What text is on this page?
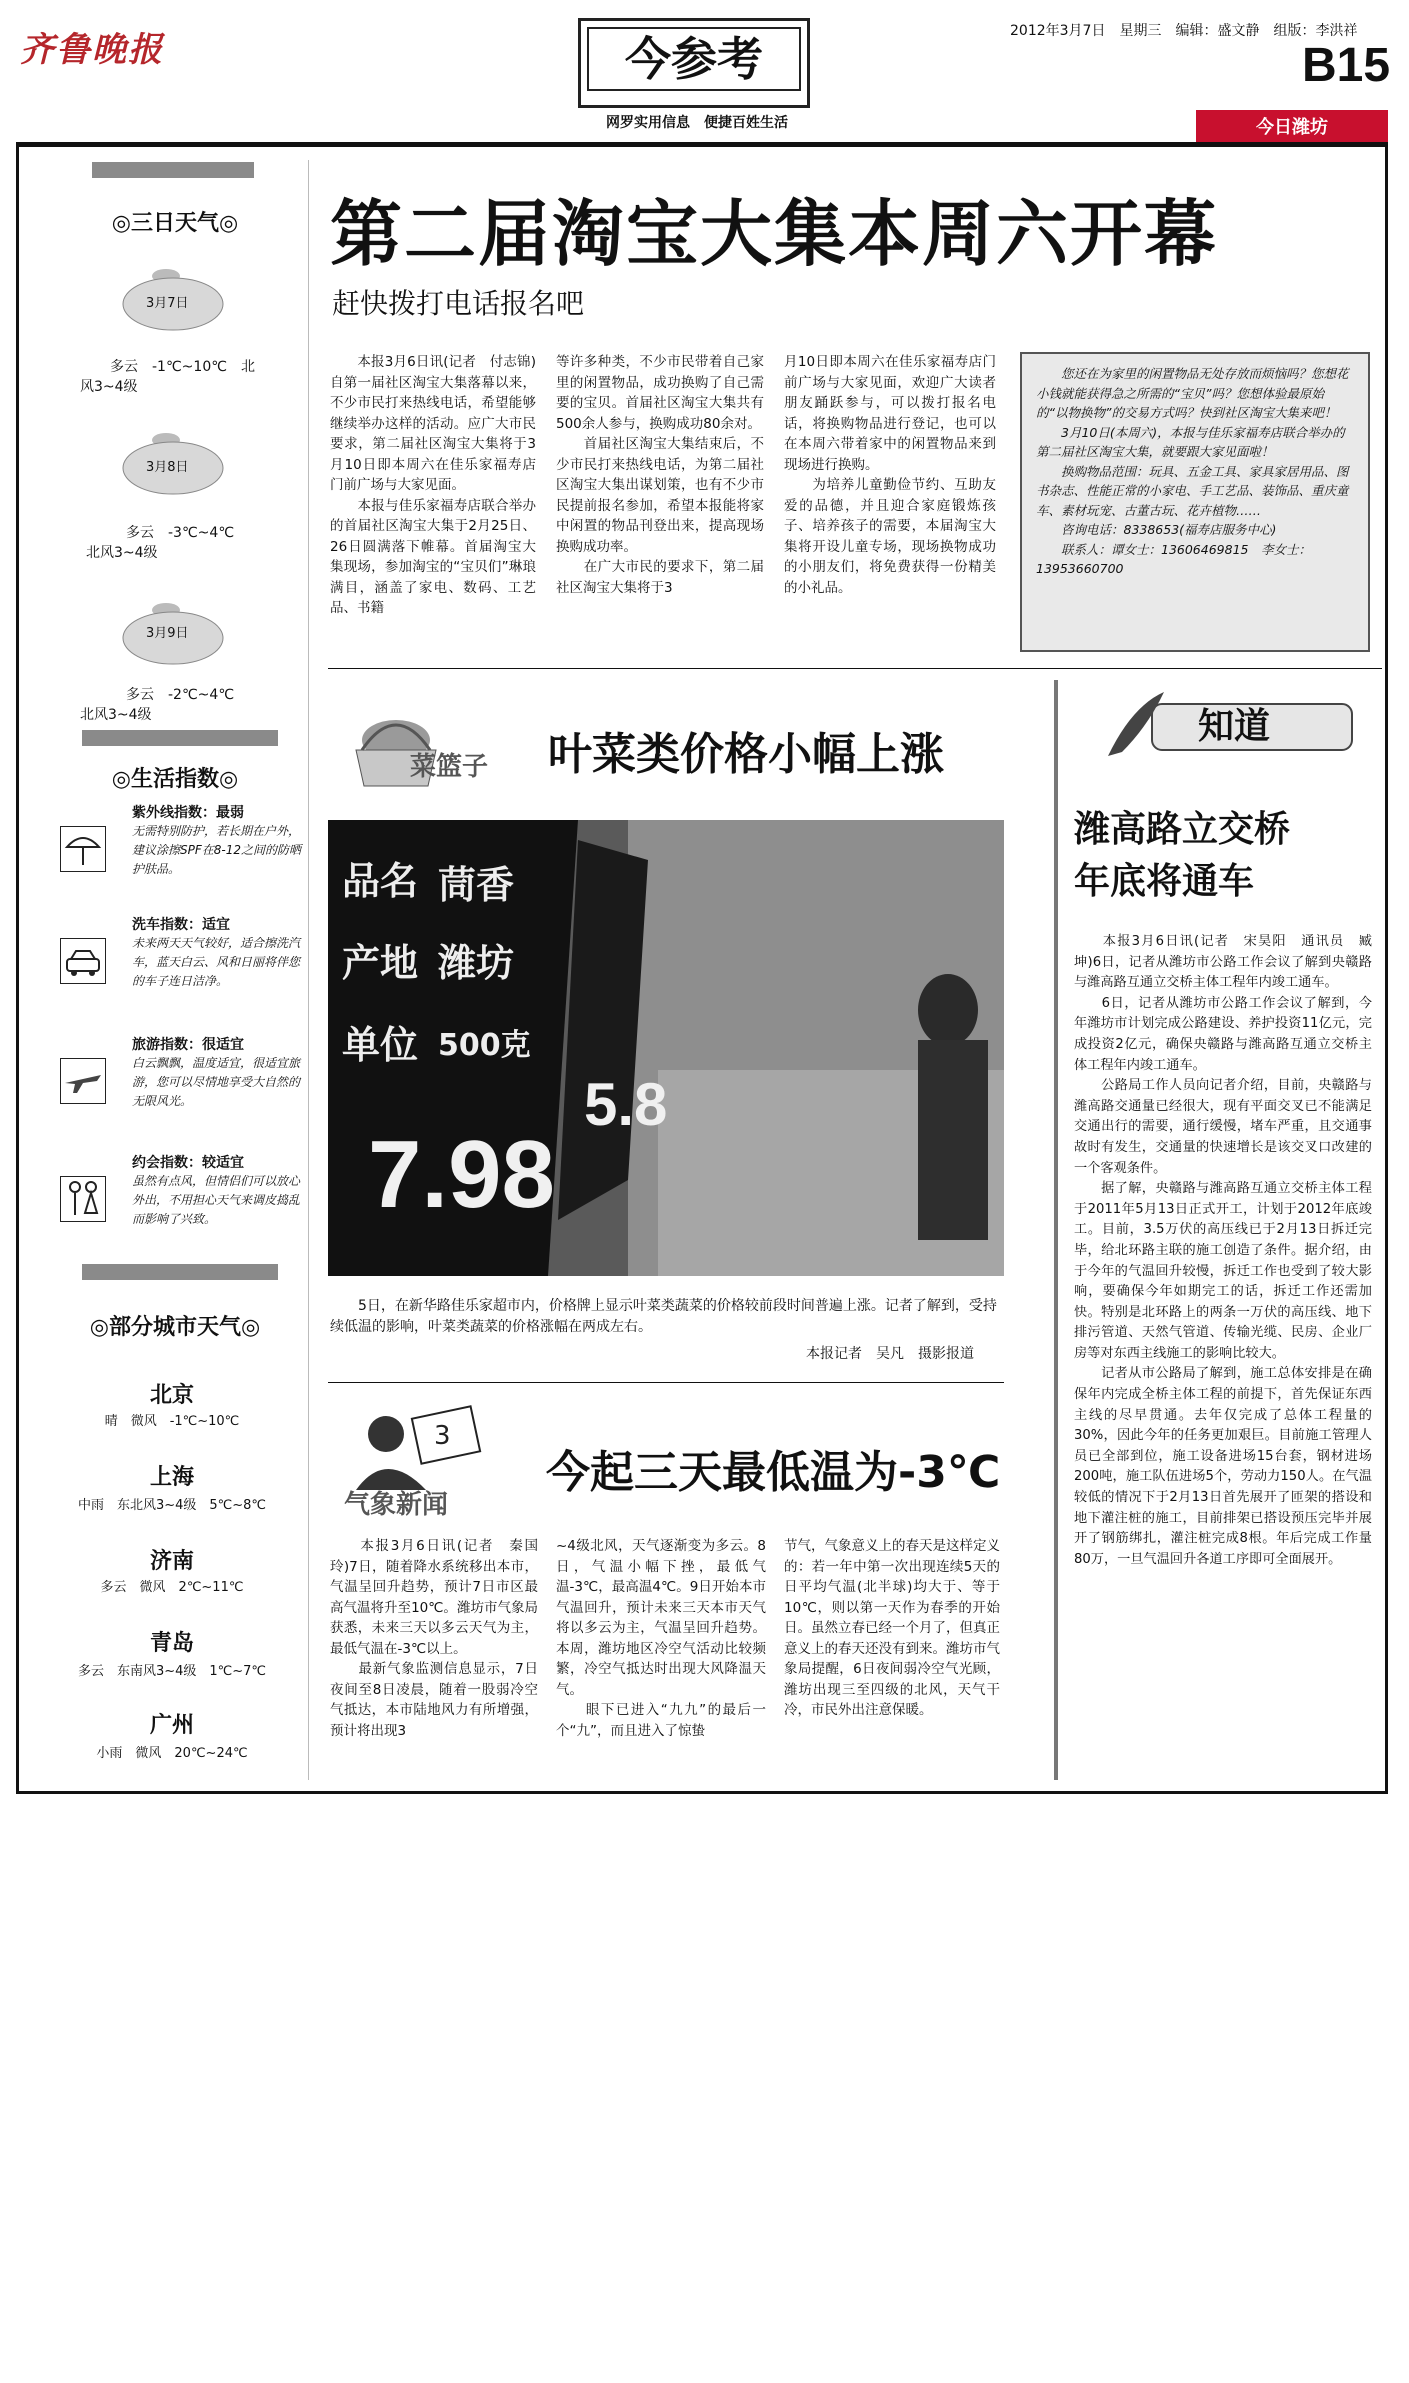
齐鲁晚报	今参考
网罗实用信息　便捷百姓生活
2012年3月7日　星期三　编辑：盛文静　组版：李洪祥
B15
今日潍坊
◎三日天气◎
3月7日
多云　-1℃~10℃　北
风3~4级
3月8日
多云　-3℃~4℃
北风3~4级
3月9日
多云　-2℃~4℃
北风3~4级
◎生活指数◎
紫外线指数：最弱
无需特别防护，若长期在户外，建议涂擦SPF在8-12之间的防晒护肤品。
洗车指数：适宜
未来两天天气较好，适合擦洗汽车，蓝天白云、风和日丽将伴您的车子连日洁净。
旅游指数：很适宜
白云飘飘，温度适宜，很适宜旅游，您可以尽情地享受大自然的无限风光。
约会指数：较适宜
虽然有点风，但情侣们可以放心外出，不用担心天气来调皮捣乱而影响了兴致。
◎部分城市天气◎
北京
晴　微风　-1℃~10℃
上海
中雨　东北风3~4级　5℃~8℃
济南
多云　微风　2℃~11℃
青岛
多云　东南风3~4级　1℃~7℃
广州
小雨　微风　20℃~24℃
第二届淘宝大集本周六开幕
赶快拨打电话报名吧
　　本报3月6日讯(记者　付志锦)自第一届社区淘宝大集落幕以来，不少市民打来热线电话，希望能够继续举办这样的活动。应广大市民要求，第二届社区淘宝大集将于3月10日即本周六在佳乐家福寿店门前广场与大家见面。
　　本报与佳乐家福寿店联合举办的首届社区淘宝大集于2月25日、26日圆满落下帷幕。首届淘宝大集现场，参加淘宝的“宝贝们”琳琅满目，涵盖了家电、数码、工艺品、书籍
等许多种类，不少市民带着自己家里的闲置物品，成功换购了自己需要的宝贝。首届社区淘宝大集共有500余人参与，换购成功80余对。
　　首届社区淘宝大集结束后，不少市民打来热线电话，为第二届社区淘宝大集出谋划策，也有不少市民提前报名参加，希望本报能将家中闲置的物品刊登出来，提高现场换购成功率。
　　在广大市民的要求下，第二届社区淘宝大集将于3
月10日即本周六在佳乐家福寿店门前广场与大家见面，欢迎广大读者朋友踊跃参与，可以拨打报名电话，将换购物品进行登记，也可以在本周六带着家中的闲置物品来到现场进行换购。
　　为培养儿童勤俭节约、互助友爱的品德，并且迎合家庭锻炼孩子、培养孩子的需要，本届淘宝大集将开设儿童专场，现场换物成功的小朋友们，将免费获得一份精美的小礼品。
　　您还在为家里的闲置物品无处存放而烦恼吗？您想花小钱就能获得急之所需的“宝贝”吗？您想体验最原始的“以物换物”的交易方式吗？快到社区淘宝大集来吧！
　　3月10日(本周六)，本报与佳乐家福寿店联合举办的第二届社区淘宝大集，就要跟大家见面啦！
　　换购物品范围：玩具、五金工具、家具家居用品、图书杂志、性能正常的小家电、手工艺品、装饰品、重庆童车、素材玩宠、古董古玩、花卉植物……
　　咨询电话：8338653(福寿店服务中心)
　　联系人：谭女士：13606469815　李女士：13953660700
菜篮子 叶菜类价格小幅上涨
品名 茼香
产地 潍坊
单位 500克
7.98
5.8
　　5日，在新华路佳乐家超市内，价格牌上显示叶菜类蔬菜的价格较前段时间普遍上涨。记者了解到，受持续低温的影响，叶菜类蔬菜的价格涨幅在两成左右。
本报记者　吴凡　摄影报道
3
气象新闻
今起三天最低温为-3℃
　　本报3月6日讯(记者　秦国玲)7日，随着降水系统移出本市，气温呈回升趋势，预计7日市区最高气温将升至10℃。潍坊市气象局获悉，未来三天以多云天气为主，最低气温在-3℃以上。
　　最新气象监测信息显示，7日夜间至8日凌晨，随着一股弱冷空气抵达，本市陆地风力有所增强，预计将出现3
~4级北风，天气逐渐变为多云。8日，气温小幅下挫，最低气温-3℃，最高温4℃。9日开始本市气温回升，预计未来三天本市天气将以多云为主，气温呈回升趋势。本周，潍坊地区冷空气活动比较频繁，冷空气抵达时出现大风降温天气。
　　眼下已进入“九九”的最后一个“九”，而且进入了惊蛰
节气，气象意义上的春天是这样定义的：若一年中第一次出现连续5天的日平均气温(北半球)均大于、等于10℃，则以第一天作为春季的开始日。虽然立春已经一个月了，但真正意义上的春天还没有到来。潍坊市气象局提醒，6日夜间弱冷空气光顾，潍坊出现三至四级的北风，天气干冷，市民外出注意保暖。
知道
潍高路立交桥
年底将通车
　　本报3月6日讯(记者　宋昊阳　通讯员　臧坤)6日，记者从潍坊市公路工作会议了解到央赣路与潍高路互通立交桥主体工程年内竣工通车。
　　6日，记者从潍坊市公路工作会议了解到，今年潍坊市计划完成公路建设、养护投资11亿元，完成投资2亿元，确保央赣路与潍高路互通立交桥主体工程年内竣工通车。
　　公路局工作人员向记者介绍，目前，央赣路与潍高路交通量已经很大，现有平面交叉已不能满足交通出行的需要，通行缓慢，堵车严重，且交通事故时有发生，交通量的快速增长是该交叉口改建的一个客观条件。
　　据了解，央赣路与潍高路互通立交桥主体工程于2011年5月13日正式开工，计划于2012年底竣工。目前，3.5万伏的高压线已于2月13日拆迁完毕，给北环路主联的施工创造了条件。据介绍，由于今年的气温回升较慢，拆迁工作也受到了较大影响，要确保今年如期完工的话，拆迁工作还需加快。特别是北环路上的两条一万伏的高压线、地下排污管道、天然气管道、传输光缆、民房、企业厂房等对东西主线施工的影响比较大。
　　记者从市公路局了解到，施工总体安排是在确保年内完成全桥主体工程的前提下，首先保证东西主线的尽早贯通。去年仅完成了总体工程量的30%，因此今年的任务更加艰巨。目前施工管理人员已全部到位，施工设备进场15台套，钢材进场200吨，施工队伍进场5个，劳动力150人。在气温较低的情况下于2月13日首先展开了匝架的搭设和地下灌注桩的施工，目前排架已搭设预压完毕并展开了钢筋绑扎，灌注桩完成8根。年后完成工作量80万，一旦气温回升各道工序即可全面展开。
